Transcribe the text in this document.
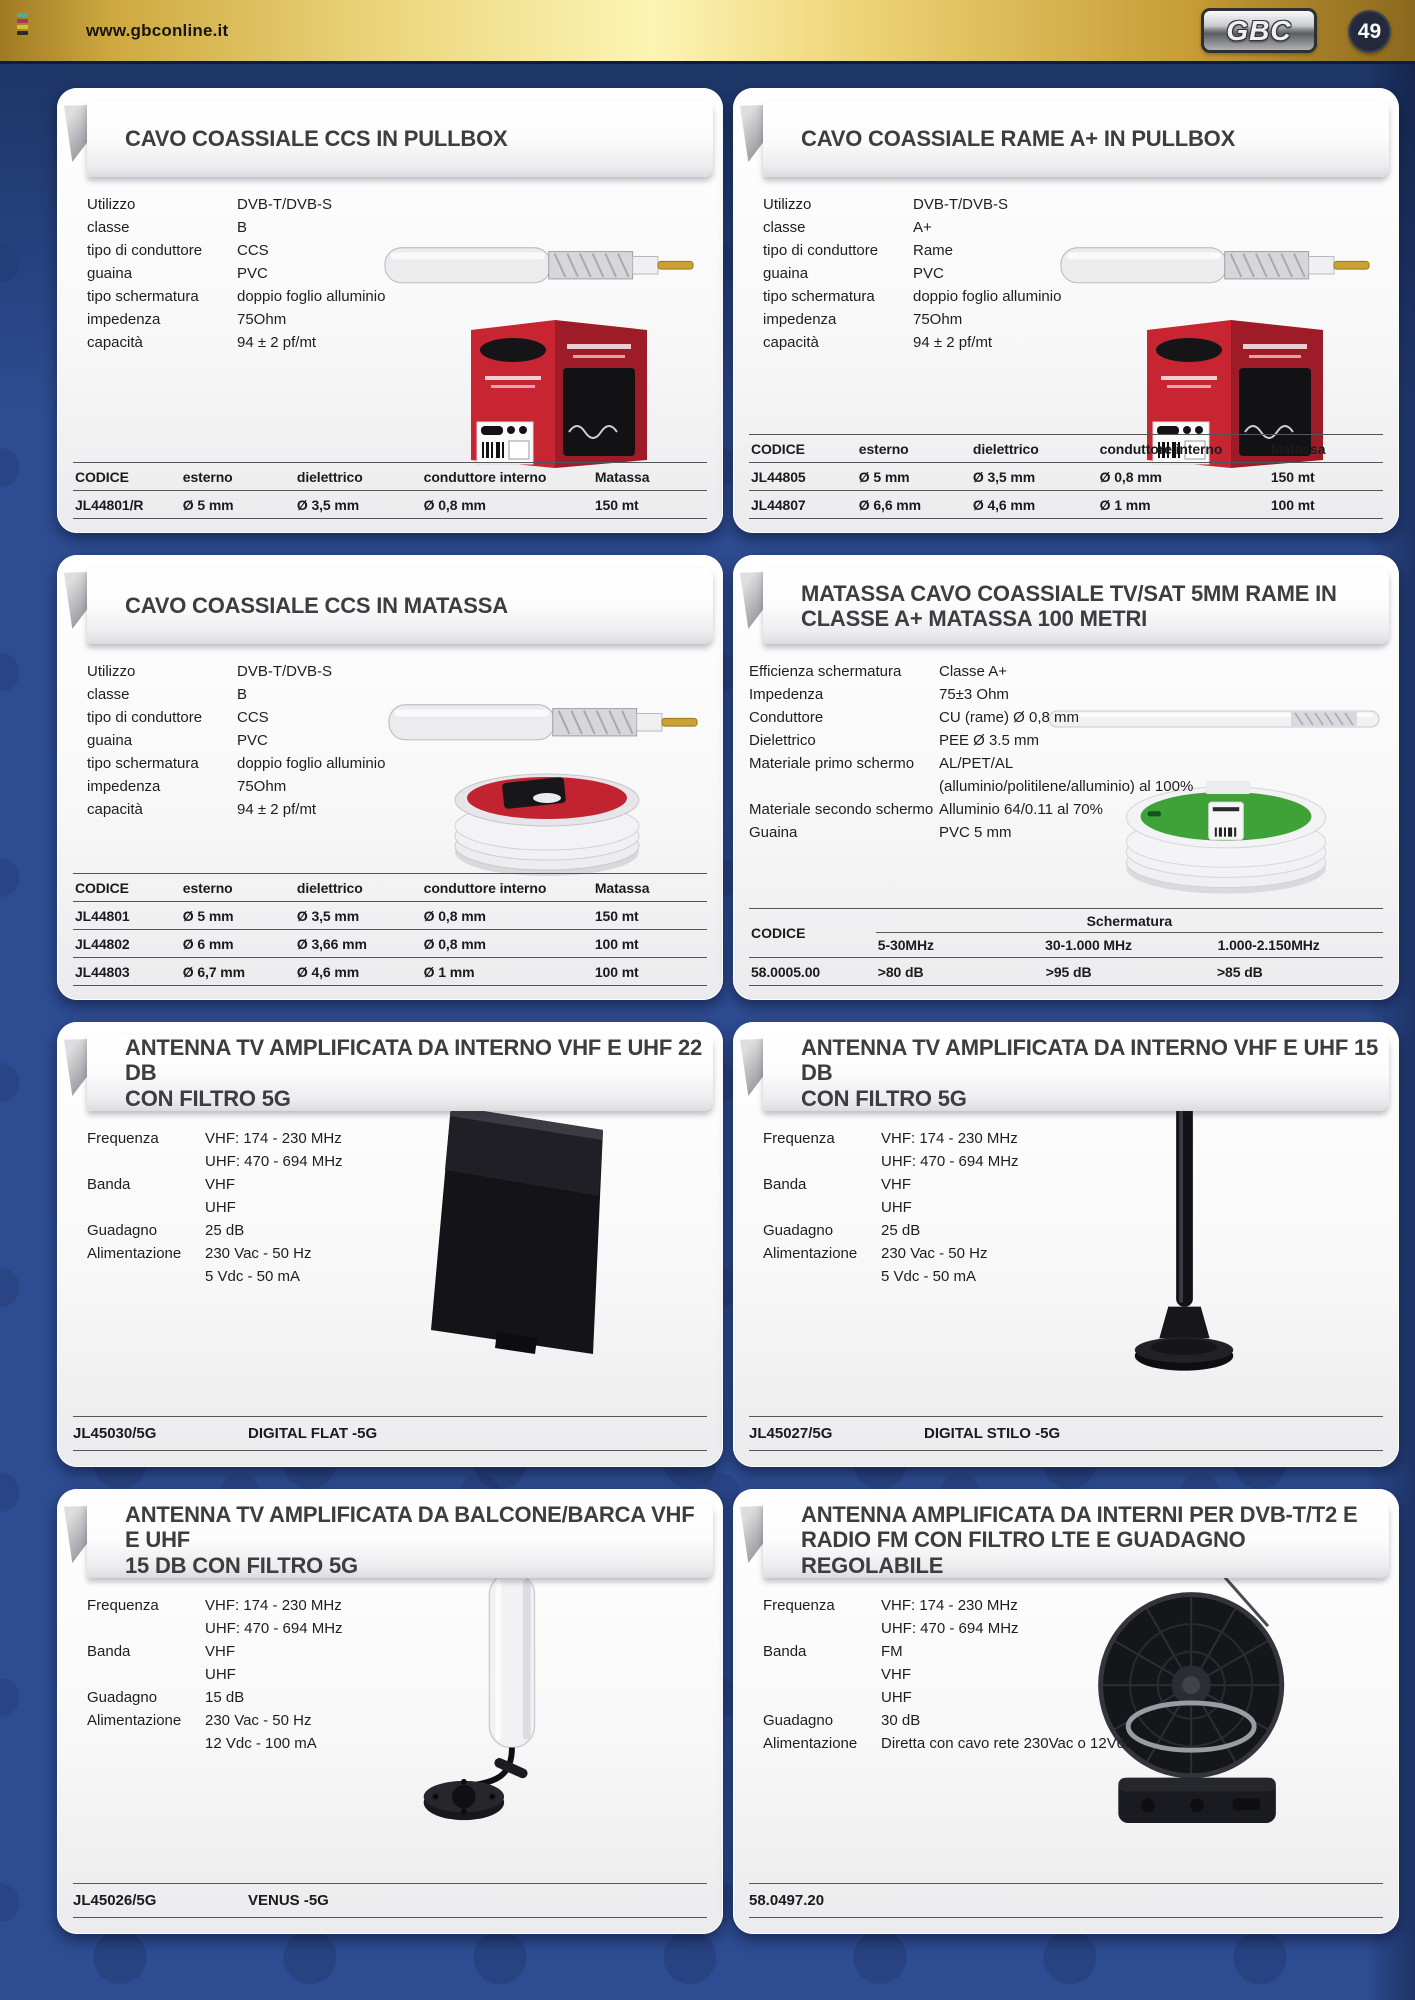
www.gbconline.it	GBC	49
CAVO COASSIALE CCS IN PULLBOX
Utilizzo	DVB-T/DVB-S
classe	B
tipo di conduttore	CCS
guaina	PVC
tipo schermatura	doppio foglio alluminio
impedenza	75Ohm
capacità	94 ± 2 pf/mt
CODICE	esterno	dielettrico	conduttore interno	Matassa
JL44801/R	Ø 5 mm	Ø 3,5 mm	Ø 0,8 mm	150 mt
CAVO COASSIALE RAME A+ IN PULLBOX
Utilizzo	DVB-T/DVB-S
classe	A+
tipo di conduttore	Rame
guaina	PVC
tipo schermatura	doppio foglio alluminio
impedenza	75Ohm
capacità	94 ± 2 pf/mt
CODICE	esterno	dielettrico	conduttore interno	Matassa
JL44805	Ø 5 mm	Ø 3,5 mm	Ø 0,8 mm	150 mt
JL44807	Ø 6,6 mm	Ø 4,6 mm	Ø 1 mm	100 mt
CAVO COASSIALE CCS IN MATASSA
Utilizzo	DVB-T/DVB-S
classe	B
tipo di conduttore	CCS
guaina	PVC
tipo schermatura	doppio foglio alluminio
impedenza	75Ohm
capacità	94 ± 2 pf/mt
CODICE	esterno	dielettrico	conduttore interno	Matassa
JL44801	Ø 5 mm	Ø 3,5 mm	Ø 0,8 mm	150 mt
JL44802	Ø 6 mm	Ø 3,66 mm	Ø 0,8 mm	100 mt
JL44803	Ø 6,7 mm	Ø 4,6 mm	Ø 1 mm	100 mt
MATASSA CAVO COASSIALE TV/SAT 5MM RAME IN
CLASSE A+ MATASSA 100 METRI
Efficienza schermatura	Classe A+
Impedenza	75±3 Ohm
Conduttore	CU (rame) Ø 0,8 mm
Dielettrico	PEE Ø 3.5 mm
Materiale primo schermo	AL/PET/AL
(alluminio/politilene/alluminio) al 100%
Materiale secondo schermo Alluminio 64/0.11 al 70%
Guaina	PVC 5 mm
CODICE
Schermatura
5-30MHz	30-1.000 MHz	1.000-2.150MHz
58.0005.00	>80 dB	>95 dB	>85 dB
ANTENNA TV AMPLIFICATA DA INTERNO VHF E UHF 22 DB
CON FILTRO 5G
Frequenza	VHF: 174 - 230 MHz
UHF: 470 - 694 MHz
Banda	VHF
UHF
Guadagno	25 dB
Alimentazione	230 Vac - 50 Hz
5 Vdc - 50 mA
JL45030/5G	DIGITAL FLAT -5G
ANTENNA TV AMPLIFICATA DA INTERNO VHF E UHF 15 DB
CON FILTRO 5G
Frequenza	VHF: 174 - 230 MHz
UHF: 470 - 694 MHz
Banda	VHF
UHF
Guadagno	25 dB
Alimentazione	230 Vac - 50 Hz
5 Vdc - 50 mA
JL45027/5G	DIGITAL STILO -5G
ANTENNA TV AMPLIFICATA DA BALCONE/BARCA VHF E UHF
15 DB CON FILTRO 5G
Frequenza	VHF: 174 - 230 MHz
UHF: 470 - 694 MHz
Banda	VHF
UHF
Guadagno	15 dB
Alimentazione	230 Vac - 50 Hz
12 Vdc - 100 mA
JL45026/5G	VENUS -5G
ANTENNA AMPLIFICATA DA INTERNI PER DVB-T/T2 E
RADIO FM CON FILTRO LTE E GUADAGNO REGOLABILE
Frequenza	VHF: 174 - 230 MHz
UHF: 470 - 694 MHz
Banda	FM
VHF
UHF
Guadagno	30 dB
Alimentazione	Diretta con cavo rete 230Vac o 12Vdc
58.0497.20
